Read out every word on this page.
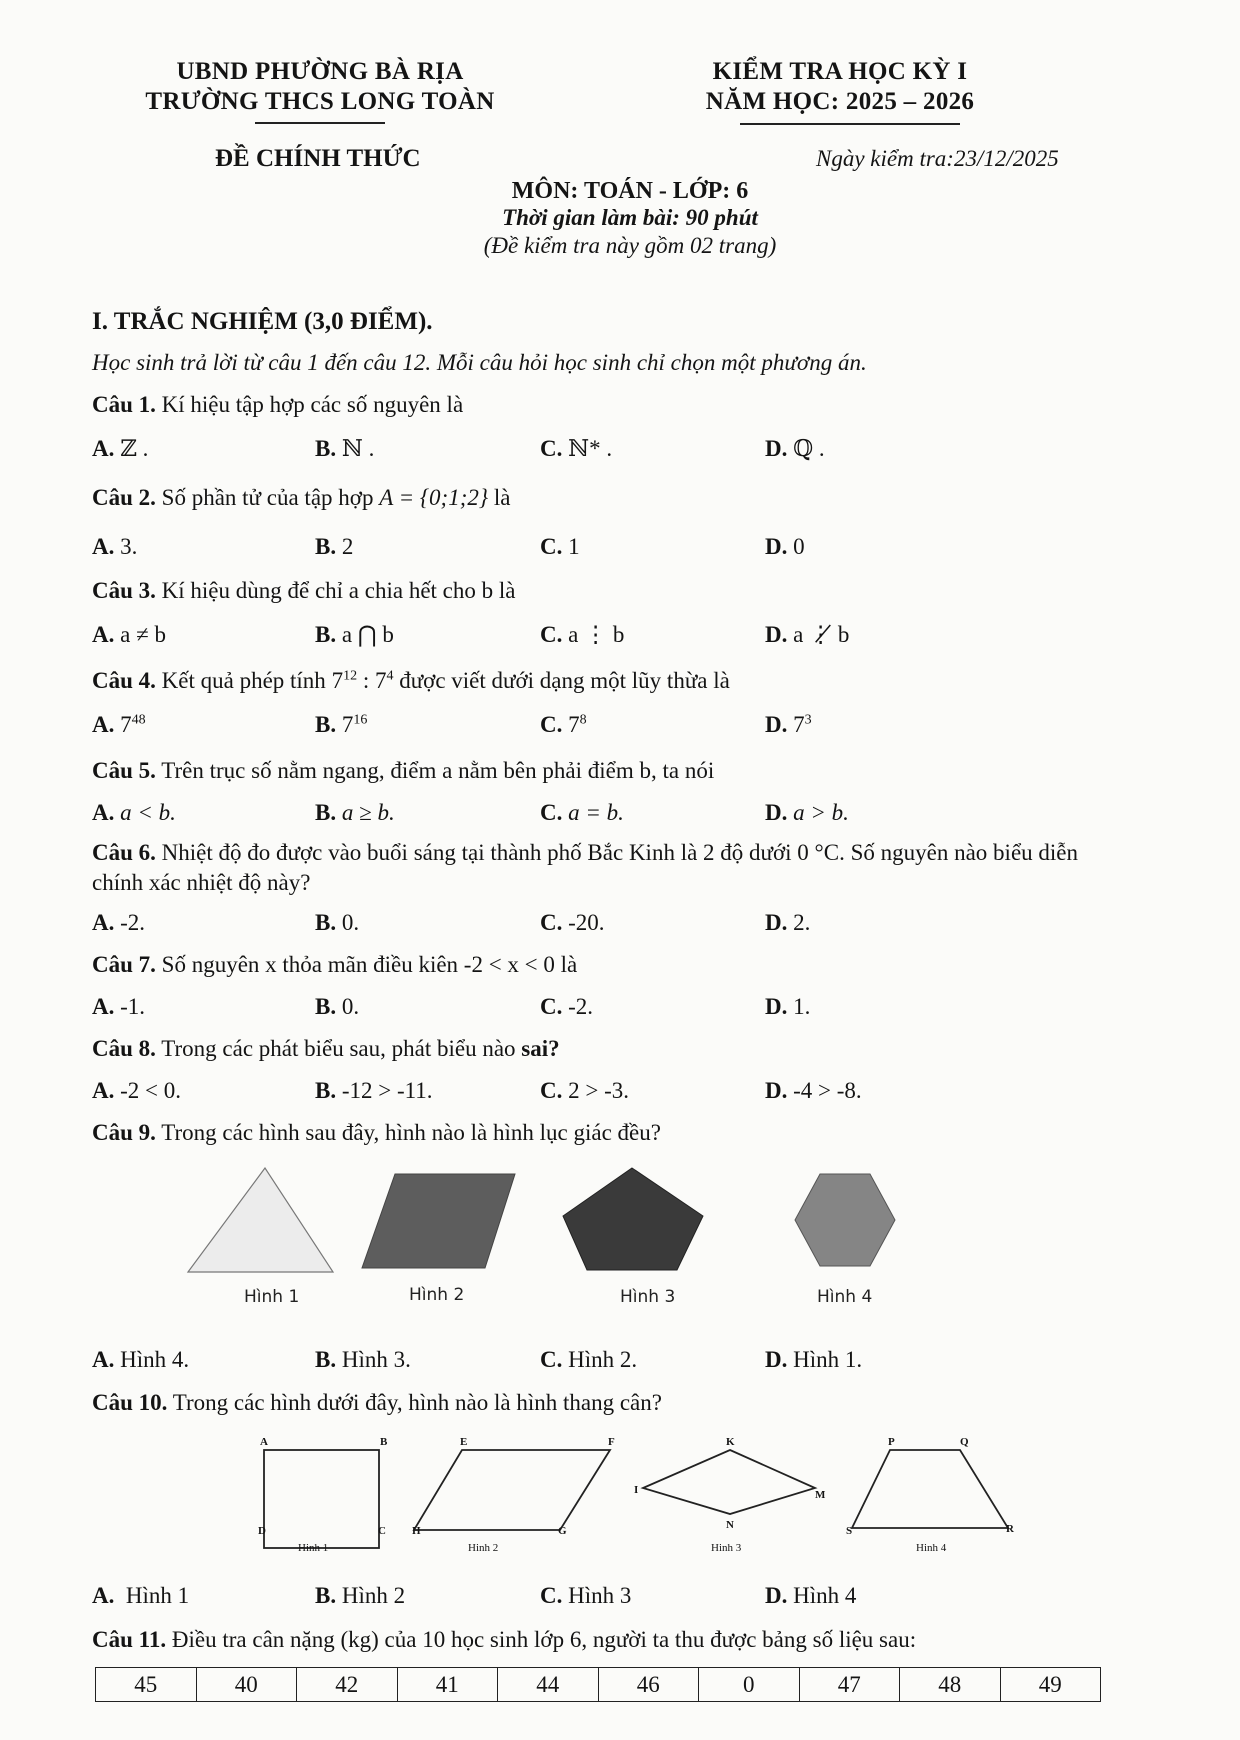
UBND PHƯỜNG BÀ RỊA
TRƯỜNG THCS LONG TOÀN
KIỂM TRA HỌC KỲ I
NĂM HỌC: 2025 – 2026
ĐỀ CHÍNH THỨC	Ngày kiểm tra:23/12/2025
MÔN: TOÁN - LỚP: 6
Thời gian làm bài: 90 phút
(Đề kiểm tra này gồm 02 trang)
I. TRẮC NGHIỆM (3,0 ĐIỂM).
Học sinh trả lời từ câu 1 đến câu 12. Mỗi câu hỏi học sinh chỉ chọn một phương án.
Câu 1. Kí hiệu tập hợp các số nguyên là
A. ℤ .	B. ℕ .	C. ℕ* .	D. ℚ .
Câu 2. Số phần tử của tập hợp A = {0;1;2} là
A. 3.	B. 2	C. 1	D. 0
Câu 3. Kí hiệu dùng để chỉ a chia hết cho b là
A. a ≠ b	B. a ⋂ b	C. a ⋮ b	D. a ⋮̸ b
Câu 4. Kết quả phép tính $7^{12}$ : $7^4$ được viết dưới dạng một lũy thừa là
A. $7^{48}$	B. $7^{16}$	C. $7^8$	D. $7^3$
Câu 5. Trên trục số nằm ngang, điểm a nằm bên phải điểm b, ta nói
A. a < b.	B. a ≥ b.	C. a = b.	D. a > b.
Câu 6. Nhiệt độ đo được vào buổi sáng tại thành phố Bắc Kinh là 2 độ dưới 0 °C. Số nguyên nào biểu diễn
chính xác nhiệt độ này?
A. -2.	B. 0.	C. -20.	D. 2.
Câu 7. Số nguyên x thỏa mãn điều kiên -2 < x < 0 là
A. -1.	B. 0.	C. -2.	D. 1.
Câu 8. Trong các phát biểu sau, phát biểu nào sai?
A. -2 < 0.	B. -12 > -11.	C. 2 > -3.	D. -4 > -8.
Câu 9. Trong các hình sau đây, hình nào là hình lục giác đều?
Hình 1	Hình 2	Hình 3	Hình 4
A. Hình 4.	B. Hình 3.	C. Hình 2.	D. Hình 1.
Câu 10. Trong các hình dưới đây, hình nào là hình thang cân?
A	B
C
D
E	F
G
H
K
M
N
I
P	Q
R
S
Hinh 1	Hinh 2	Hinh 3	Hinh 4
A. Hình 1	B. Hình 2	C. Hình 3	D. Hình 4
Câu 11. Điều tra cân nặng (kg) của 10 học sinh lớp 6, người ta thu được bảng số liệu sau:
45	40	42	41	44	46	0	47	48	49
